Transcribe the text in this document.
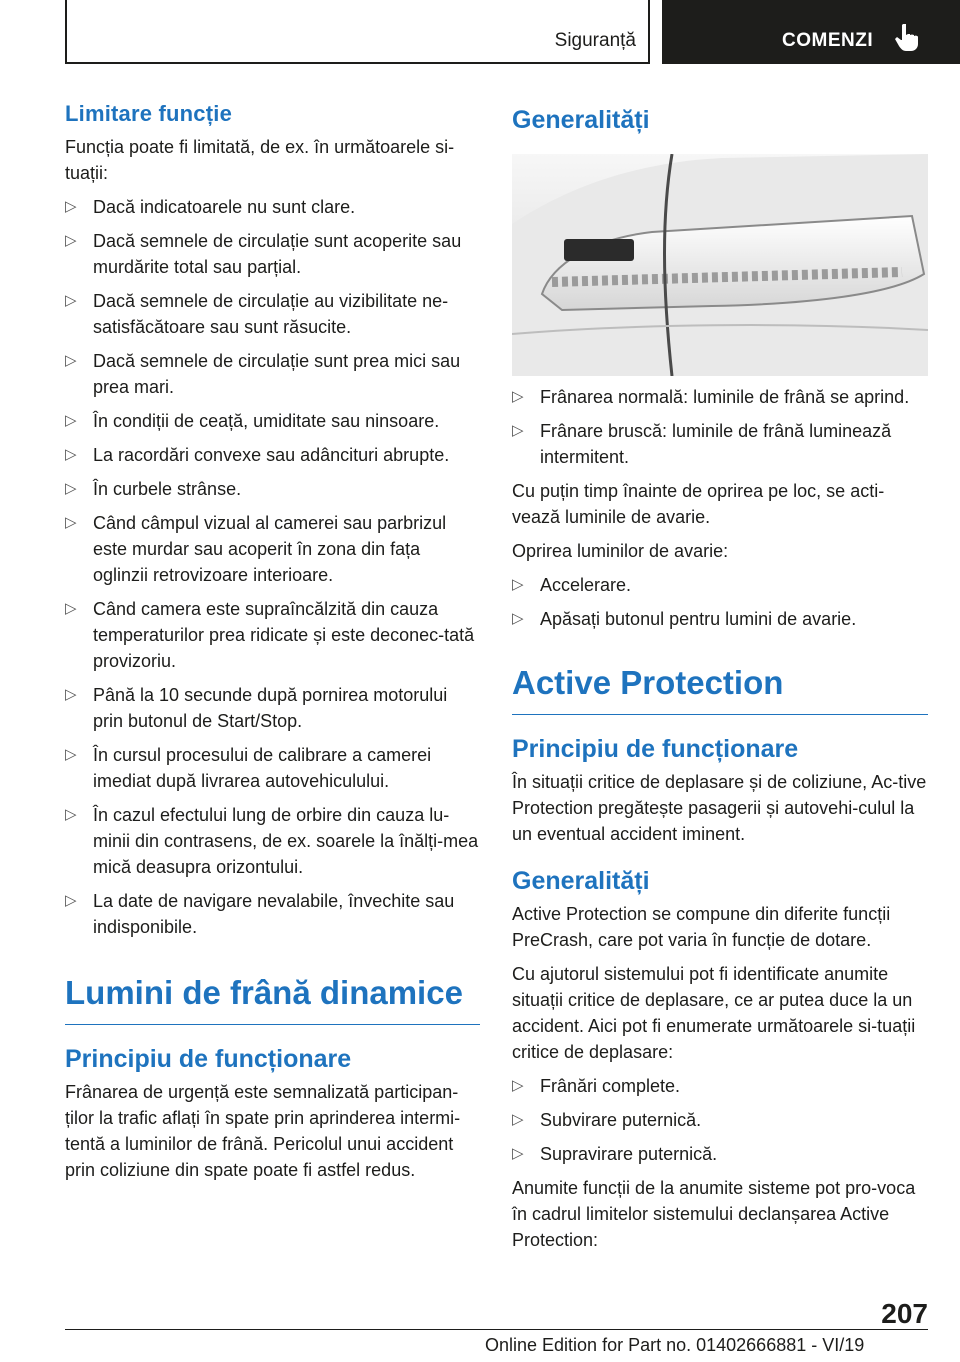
Siguranță	COMENZI
Limitare funcție
Funcția poate fi limitată, de ex. în următoarele si-tuații:
▷ Dacă indicatoarele nu sunt clare.
▷ Dacă semnele de circulație sunt acoperite sau murdărite total sau parțial.
▷ Dacă semnele de circulație au vizibilitate ne-satisfăcătoare sau sunt răsucite.
▷ Dacă semnele de circulație sunt prea mici sau prea mari.
▷ În condiții de ceață, umiditate sau ninsoare.
▷ La racordări convexe sau adâncituri abrupte.
▷ În curbele strânse.
▷ Când câmpul vizual al camerei sau parbrizul este murdar sau acoperit în zona din fața oglinzii retrovizoare interioare.
▷ Când camera este supraîncălzită din cauza temperaturilor prea ridicate și este deconec-tată provizoriu.
▷ Până la 10 secunde după pornirea motorului prin butonul de Start/Stop.
▷ În cursul procesului de calibrare a camerei imediat după livrarea autovehiculului.
▷ În cazul efectului lung de orbire din cauza lu-minii din contrasens, de ex. soarele la înălți-mea mică deasupra orizontului.
▷ La date de navigare nevalabile, învechite sau indisponibile.
Lumini de frână dinamice
Principiu de funcționare
Frânarea de urgență este semnalizată participan-ților la trafic aflați în spate prin aprinderea intermi-tentă a luminilor de frână. Pericolul unui accident prin coliziune din spate poate fi astfel redus.
Generalități
▷ Frânarea normală: luminile de frână se aprind.
▷ Frânare bruscă: luminile de frână luminează intermitent.
Cu puțin timp înainte de oprirea pe loc, se acti-vează luminile de avarie.
Oprirea luminilor de avarie:
▷ Accelerare.
▷ Apăsați butonul pentru lumini de avarie.
Active Protection
Principiu de funcționare
În situații critice de deplasare și de coliziune, Ac-tive Protection pregătește pasagerii și autovehi-culul la un eventual accident iminent.
Generalități
Active Protection se compune din diferite funcții PreCrash, care pot varia în funcție de dotare.
Cu ajutorul sistemului pot fi identificate anumite situații critice de deplasare, ce ar putea duce la un accident. Aici pot fi enumerate următoarele si-tuații critice de deplasare:
▷ Frânări complete.
▷ Subvirare puternică.
▷ Supravirare puternică.
Anumite funcții de la anumite sisteme pot pro-voca în cadrul limitelor sistemului declanșarea Active Protection:
207
Online Edition for Part no. 01402666881 - VI/19
